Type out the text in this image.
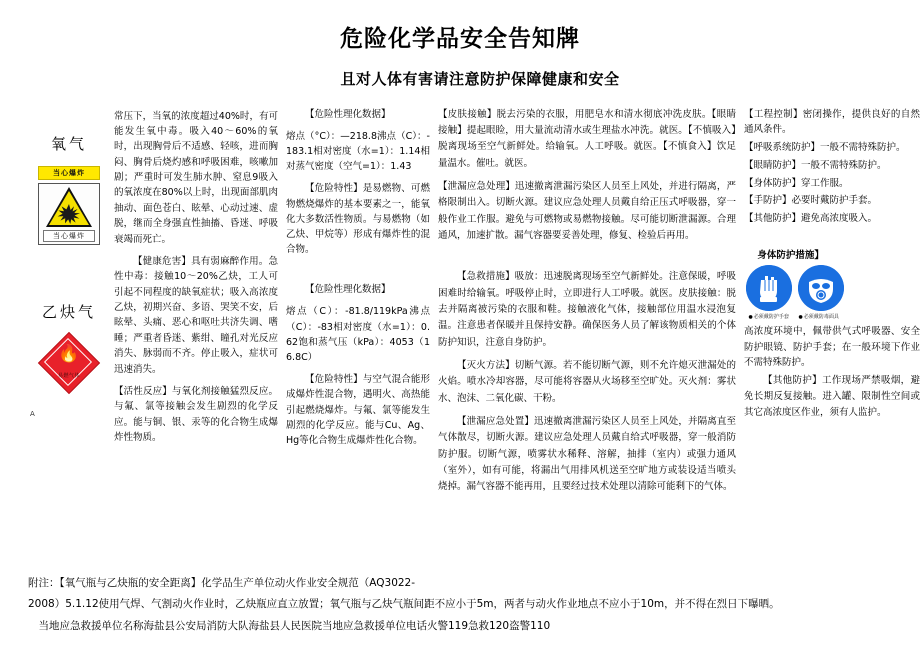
危险化学品安全告知牌
且对人体有害请注意防护保障健康和安全
氧气
当心爆炸
当心爆炸
乙炔气
🔥
易燃气体
A

常压下，当氧的浓度超过40%时，有可能发生氧中毒。吸入40～60%的氧时，出现胸骨后不适感、轻咳，进而胸闷、胸骨后烧灼感和呼吸困难，咳嗽加剧；严重时可发生肺水肿、窒息9吸入的氧浓度在80%以上时，出现面部肌肉抽动、面色苍白、眩晕、心动过速、虚脱，继而全身强直性抽搐、昏迷、呼吸衰竭而死亡。

【健康危害】具有弱麻醉作用。急性中毒：接触10～20%乙炔，工人可引起不同程度的缺氧症状；吸入高浓度乙炔，初期兴奋、多语、哭笑不安，后眩晕、头痛、恶心和呕吐共济失调、嗜睡；严重者昏迷、紫绀、瞳孔对光反应消失、脉弱而不齐。停止吸入，症状可迅速消失。

【活性反应】与氧化剂接触猛烈反应。与氟、氯等接触会发生剧烈的化学反应。能与铜、银、汞等的化合物生成爆炸性物质。

【危险性理化数据】

熔点（°C）：—218.8沸点（C）：-183.1相对密度（水=1）：1.14相对蒸气密度（空气=1）：1.43

【危险特性】是易燃物、可燃物燃烧爆炸的基本要素之一，能氧化大多数活性物质。与易燃物（如乙炔、甲烷等）形成有爆炸性的混合物。

【危险性理化数据】

熔点（C）：-81.8/119kPa沸点（C）：-83相对密度（水=1）：0.62饱和蒸气压（kPa）：4053（16.8C）

【危险特性】与空气混合能形成爆炸性混合物，遇明火、高热能引起燃烧爆炸。与氟、氯等能发生剧烈的化学反应。能与Cu、Ag、Hg等化合物生成爆炸性化合物。

【皮肤接触】脱去污染的衣服，用肥皂水和清水彻底冲洗皮肤。【眼睛接触】提起眼睑，用大量流动清水或生理盐水冲洗。就医。【不慎吸入】脱离现场至空气新鲜处。给输氧。人工呼吸。就医。【不慎食入】饮足量温水。催吐。就医。

【泄漏应急处理】迅速撤离泄漏污染区人员至上风处，并进行隔离，严格限制出入。切断火源。建议应急处理人员戴自给正压式呼吸器，穿一般作业工作服。避免与可燃物或易燃物接触。尽可能切断泄漏源。合理通风，加速扩散。漏气容器要妥善处理，修复、检验后再用。

【急救措施】吸放：迅速脱离现场至空气新鲜处。注意保暖，呼吸困难时给输氧。呼吸停止时，立即进行人工呼吸。就医。皮肤接触：脱去并隔离被污染的衣服和鞋。接触液化气体，接触部位用温水浸泡复温。注意患者保暖并且保持安静。确保医务人员了解该物质相关的个体防护知识，注意自身防护。

【灭火方法】切断气源。若不能切断气源，则不允许熄灭泄漏处的火焰。喷水冷却容器，尽可能将容器从火场移至空旷处。灭火剂：雾状水、泡沫、二氧化碳、干粉。

【泄漏应急处置】迅速撤离泄漏污染区人员至上风处，并隔离直至气体散尽，切断火源。建议应急处理人员戴自给式呼吸器，穿一般消防防护服。切断气源，喷雾状水稀释、溶解，抽排（室内）或强力通风（室外），如有可能，将漏出气用排风机送至空旷地方或装设适当喷头烧掉。漏气容器不能再用，且要经过技术处理以清除可能剩下的气体。

【工程控制】密闭操作，提供良好的自然通风条件。

【呼吸系统防护】一般不需特殊防护。

【眼睛防护】一般不需特殊防护。

【身体防护】穿工作服。

【手防护】必要时戴防护手套。

【其他防护】避免高浓度吸入。

身体防护措施】
必须戴防护手套	必须戴防毒面具

高浓度环境中，佩带供气式呼吸器、安全防护眼镜、防护手套；在一般环境下作业不需特殊防护。

【其他防护】工作现场严禁吸烟，避免长期反复接触。进入罐、限制性空间或其它高浓度区作业，须有人监护。

附注：【氧气瓶与乙炔瓶的安全距离】化学品生产单位动火作业安全规范（AQ3022-

2008）5.1.12使用气焊、气割动火作业时，乙炔瓶应直立放置；氧气瓶与乙炔气瓶间距不应小于5m，两者与动火作业地点不应小于10m，并不得在烈日下曝晒。

当地应急救援单位名称海盐县公安局消防大队海盐县人民医院当地应急救援单位电话火警119急救120盗警110
